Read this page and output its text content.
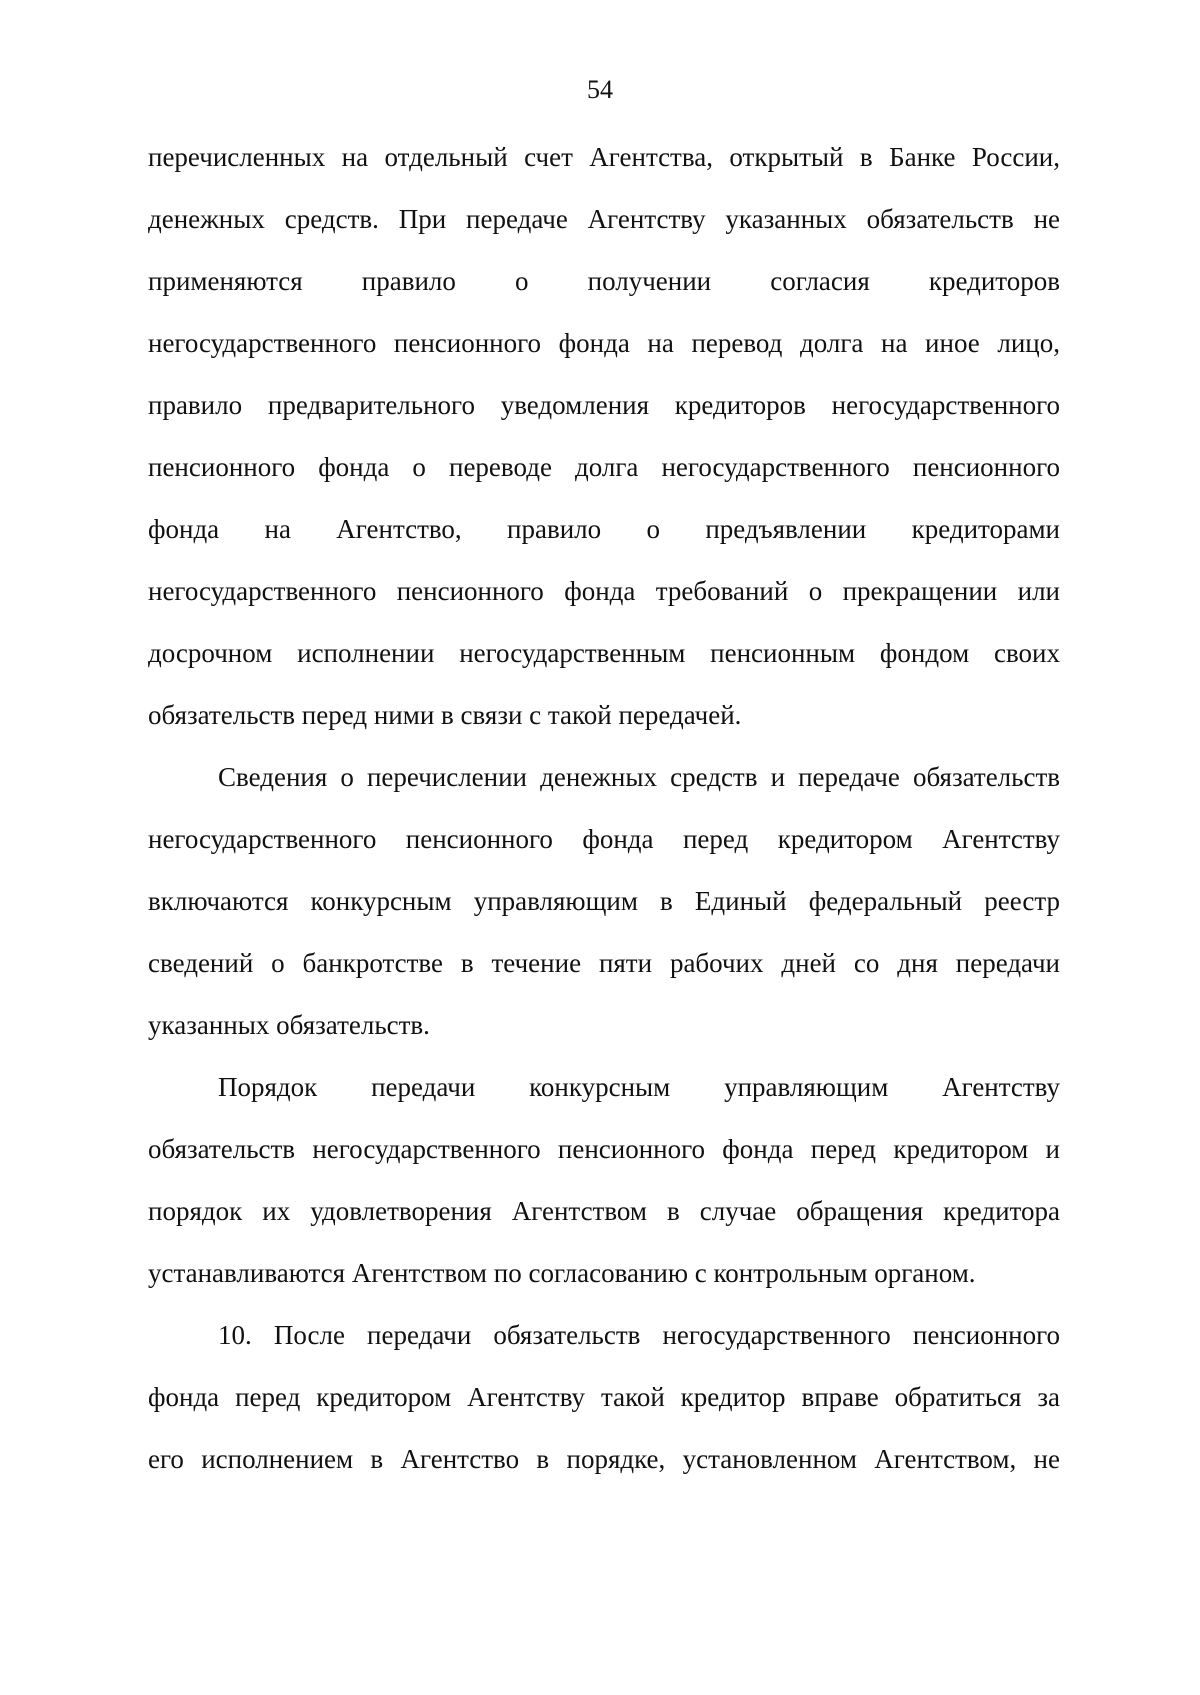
54
перечисленных на отдельный счет Агентства, открытый в Банке России,
денежных средств. При передаче Агентству указанных обязательств не
применяются правило о получении согласия кредиторов
негосударственного пенсионного фонда на перевод долга на иное лицо,
правило предварительного уведомления кредиторов негосударственного
пенсионного фонда о переводе долга негосударственного пенсионного
фонда на Агентство, правило о предъявлении кредиторами
негосударственного пенсионного фонда требований о прекращении или
досрочном исполнении негосударственным пенсионным фондом своих
обязательств перед ними в связи с такой передачей.
Сведения о перечислении денежных средств и передаче обязательств
негосударственного пенсионного фонда перед кредитором Агентству
включаются конкурсным управляющим в Единый федеральный реестр
сведений о банкротстве в течение пяти рабочих дней со дня передачи
указанных обязательств.
Порядок передачи конкурсным управляющим Агентству
обязательств негосударственного пенсионного фонда перед кредитором и
порядок их удовлетворения Агентством в случае обращения кредитора
устанавливаются Агентством по согласованию с контрольным органом.
10. После передачи обязательств негосударственного пенсионного
фонда перед кредитором Агентству такой кредитор вправе обратиться за
его исполнением в Агентство в порядке, установленном Агентством, не
